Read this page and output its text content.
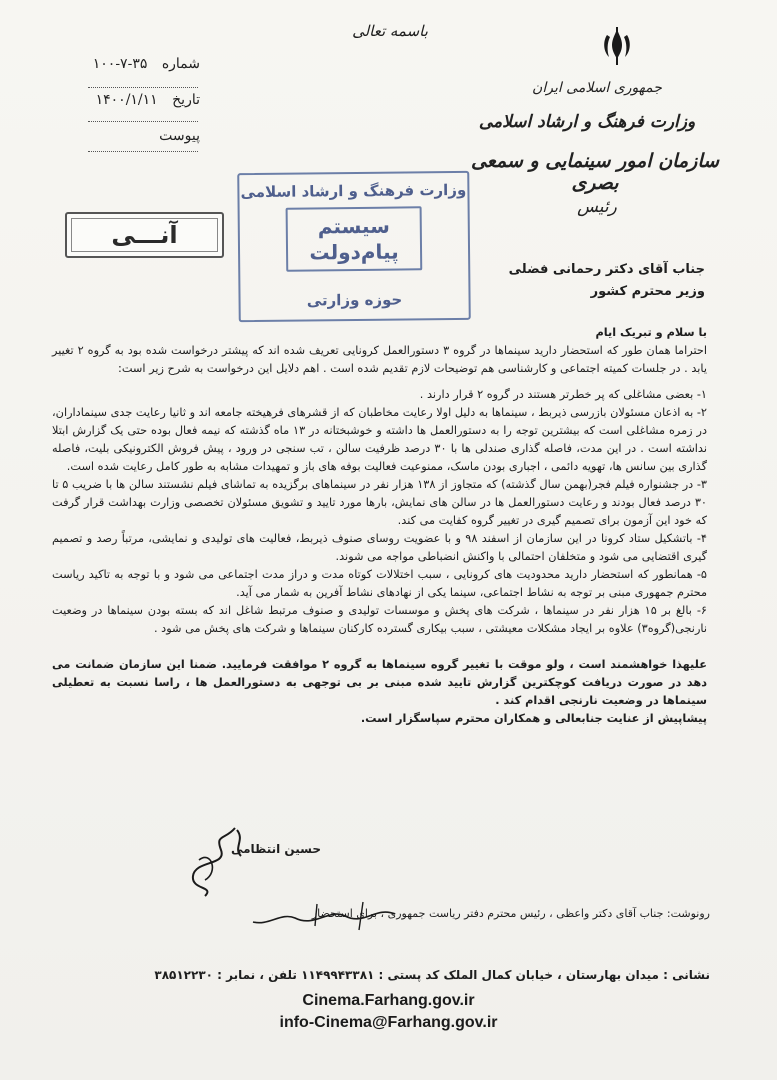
شماره ۳۵-۷-۱۰۰
تاریخ ۱۴۰۰/۱/۱۱
پیوست
باسمه تعالی
جمهوری اسلامی ایران
وزارت فرهنگ و ارشاد اسلامی
سازمان امور سینمایی و سمعی بصری
رئیس
آنـــی
وزارت فرهنگ و ارشاد اسلامی
سیستم
پیام‌دولت
حوزه وزارتی
جناب آقای دکتر رحمانی فضلی
وزیر محترم کشور

با سلام و تبریک ایام

احتراما همان طور که استحضار دارید سینماها در گروه ۳ دستورالعمل کرونایی تعریف شده اند که پیشتر درخواست شده بود به گروه ۲ تغییر یابد . در جلسات کمیته اجتماعی و کارشناسی هم توضیحات لازم تقدیم شده است . اهم دلایل این درخواست به شرح زیر است:

۱- بعضی مشاغلی که پر خطرتر هستند در گروه ۲ قرار دارند .

۲- به اذعان مسئولان بازرسی ذیربط ، سینماها به دلیل اولا رعایت مخاطبان که از قشرهای فرهیخته جامعه اند و ثانیا رعایت جدی سینماداران، در زمره مشاغلی است که بیشترین توجه را به دستورالعمل ها داشته و خوشبختانه در ۱۳ ماه گذشته که نیمه فعال بوده حتی یک گزارش ابتلا نداشته است . در این مدت، فاصله گذاری صندلی ها با ۳۰ درصد ظرفیت سالن ، تب سنجی در ورود ، پیش فروش الکترونیکی بلیت، فاصله گذاری بین سانس ها، تهویه دائمی ، اجباری بودن ماسک، ممنوعیت فعالیت بوفه های باز و تمهیدات مشابه به طور کامل رعایت شده است.

۳- در جشنواره فیلم فجر(بهمن سال گذشته) که متجاوز از ۱۳۸ هزار نفر در سینماهای برگزیده به تماشای فیلم نشستند سالن ها با ضریب ۵ تا ۳۰ درصد فعال بودند و رعایت دستورالعمل ها در سالن های نمایش، بارها مورد تایید و تشویق مسئولان تخصصی وزارت بهداشت قرار گرفت که خود این آزمون برای تصمیم گیری در تغییر گروه کفایت می کند.

۴- باتشکیل ستاد کرونا در این سازمان از اسفند ۹۸ و با عضویت روسای صنوف ذیربط، فعالیت های تولیدی و نمایشی، مرتباً رصد و تصمیم گیری اقتضایی می شود و متخلفان احتمالی با واکنش انضباطی مواجه می شوند.

۵- همانطور که استحضار دارید محدودیت های کرونایی ، سبب اختلالات کوتاه مدت و دراز مدت اجتماعی می شود و با توجه به تاکید ریاست محترم جمهوری مبنی بر توجه به نشاط اجتماعی، سینما یکی از نهادهای نشاط آفرین به شمار می آید.

۶- بالغ بر ۱۵ هزار نفر در سینماها ، شرکت های پخش و موسسات تولیدی و صنوف مرتبط شاغل اند که بسته بودن سینماها در وضعیت نارنجی(گروه۳) علاوه بر ایجاد مشکلات معیشتی ، سبب بیکاری گسترده کارکنان سینماها و شرکت های پخش می شود .

علیهذا خواهشمند است ، ولو موقت با تغییر گروه سینماها به گروه ۲ موافقت فرمایید. ضمنا این سازمان ضمانت می دهد در صورت دریافت کوچکترین گزارش تایید شده مبنی بر بی توجهی به دستورالعمل ها ، راسا نسبت به تعطیلی سینماها در وضعیت نارنجی اقدام کند .

پیشاپیش از عنایت جنابعالی و همکاران محترم سپاسگزار است.

حسین انتظامی
رونوشت: جناب آقای دکتر واعظی ، رئیس محترم دفتر ریاست جمهوری ، برای استحضار
نشانی : میدان بهارستان ، خیابان کمال الملک کد پستی : ۱۱۴۹۹۴۳۳۸۱ تلفن ، نمابر : ۳۸۵۱۲۲۳۰
Cinema.Farhang.gov.ir
info-Cinema@Farhang.gov.ir
